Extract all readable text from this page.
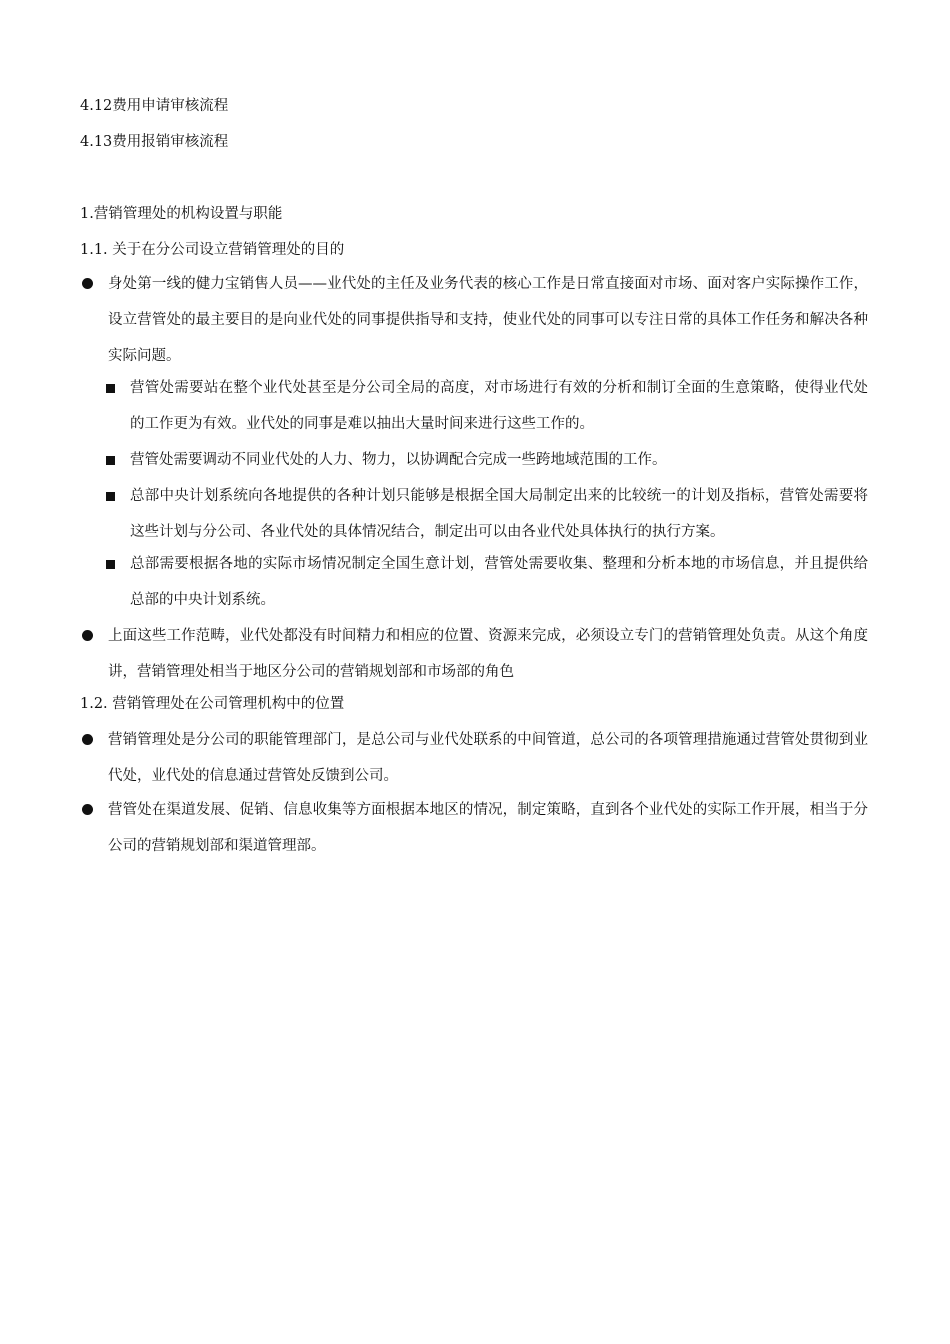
4.12费用申请审核流程
4.13费用报销审核流程
1.营销管理处的机构设置与职能
1.1. 关于在分公司设立营销管理处的目的
身处第一线的健力宝销售人员——业代处的主任及业务代表的核心工作是日常直接面对市场、面对客户实际操作工作，设立营管处的最主要目的是向业代处的同事提供指导和支持，使业代处的同事可以专注日常的具体工作任务和解决各种实际问题。
营管处需要站在整个业代处甚至是分公司全局的高度，对市场进行有效的分析和制订全面的生意策略，使得业代处的工作更为有效。业代处的同事是难以抽出大量时间来进行这些工作的。
营管处需要调动不同业代处的人力、物力，以协调配合完成一些跨地域范围的工作。
总部中央计划系统向各地提供的各种计划只能够是根据全国大局制定出来的比较统一的计划及指标，营管处需要将这些计划与分公司、各业代处的具体情况结合，制定出可以由各业代处具体执行的执行方案。
总部需要根据各地的实际市场情况制定全国生意计划，营管处需要收集、整理和分析本地的市场信息，并且提供给总部的中央计划系统。
上面这些工作范畴，业代处都没有时间精力和相应的位置、资源来完成，必须设立专门的营销管理处负责。从这个角度讲，营销管理处相当于地区分公司的营销规划部和市场部的角色
1.2. 营销管理处在公司管理机构中的位置
营销管理处是分公司的职能管理部门，是总公司与业代处联系的中间管道，总公司的各项管理措施通过营管处贯彻到业代处，业代处的信息通过营管处反馈到公司。
营管处在渠道发展、促销、信息收集等方面根据本地区的情况，制定策略，直到各个业代处的实际工作开展，相当于分公司的营销规划部和渠道管理部。
